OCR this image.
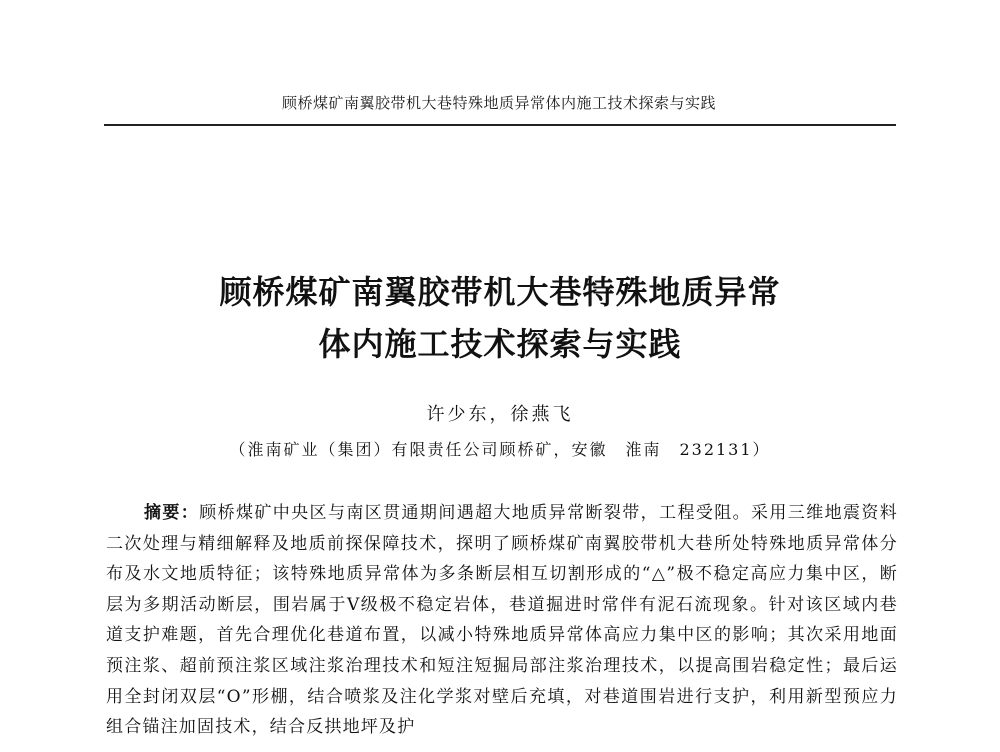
顾桥煤矿南翼胶带机大巷特殊地质异常体内施工技术探索与实践
顾桥煤矿南翼胶带机大巷特殊地质异常
体内施工技术探索与实践
许少东，徐燕飞
（淮南矿业（集团）有限责任公司顾桥矿，安徽　淮南　232131）

摘要：顾桥煤矿中央区与南区贯通期间遇超大地质异常断裂带，工程受阻。采用三维地震资料二次处理与精细解释及地质前探保障技术，探明了顾桥煤矿南翼胶带机大巷所处特殊地质异常体分布及水文地质特征；该特殊地质异常体为多条断层相互切割形成的“△”极不稳定高应力集中区，断层为多期活动断层，围岩属于Ⅴ级极不稳定岩体，巷道掘进时常伴有泥石流现象。针对该区域内巷道支护难题，首先合理优化巷道布置，以减小特殊地质异常体高应力集中区的影响；其次采用地面预注浆、超前预注浆区域注浆治理技术和短注短掘局部注浆治理技术，以提高围岩稳定性；最后运用全封闭双层“O”形棚，结合喷浆及注化学浆对壁后充填，对巷道围岩进行支护，利用新型预应力组合锚注加固技术，结合反拱地坪及护
